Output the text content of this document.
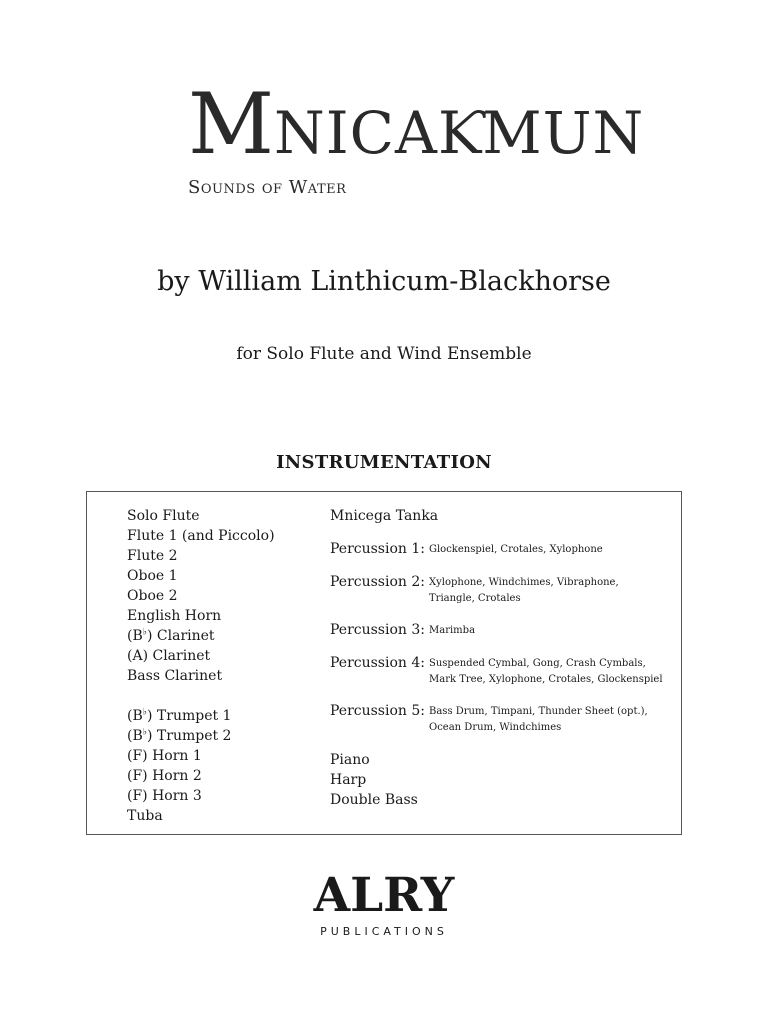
MNICAƘMUN
Sounds of Water
by William Linthicum-Blackhorse
for Solo Flute and Wind Ensemble
INSTRUMENTATION
Solo Flute
Flute 1 (and Piccolo)
Flute 2
Oboe 1
Oboe 2
English Horn
(B♭) Clarinet
(A) Clarinet
Bass Clarinet
(B♭) Trumpet 1
(B♭) Trumpet 2
(F) Horn 1
(F) Horn 2
(F) Horn 3
Tuba
Mnicega Tanka
Percussion 1: Glockenspiel, Crotales, Xylophone
Percussion 2: Xylophone, Windchimes, Vibraphone, Triangle, Crotales
Percussion 3: Marimba
Percussion 4: Suspended Cymbal, Gong, Crash Cymbals, Mark Tree, Xylophone, Crotales, Glockenspiel
Percussion 5: Bass Drum, Timpani, Thunder Sheet (opt.), Ocean Drum, Windchimes
Piano
Harp
Double Bass
ALRY
PUBLICATIONS
